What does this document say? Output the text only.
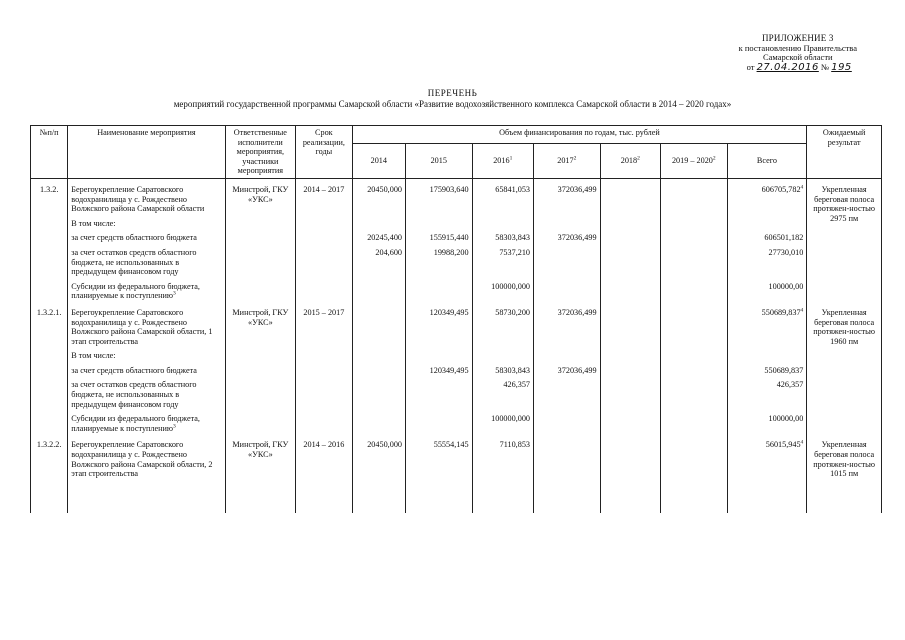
ПРИЛОЖЕНИЕ 3
к постановлению Правительства
Самарской области
от 27.04.2016 № 195
ПЕРЕЧЕНЬ
мероприятий государственной программы Самарской области «Развитие водохозяйственного комплекса Самарской области в 2014 – 2020 годах»
№п/п	Наименование мероприятия	Ответственные исполнители мероприятия, участники мероприятия	Срок реализации, годы	Объем финансирования по годам, тыс. рублей							Ожидаемый результат
				2014	2015	2016$^1$	2017$^2$	2018$^2$	2019 – 2020$^2$	Всего	
1.3.2.	Берегоукрепление Саратовского водохранилища у с. Рождествено Волжского района Самарской области	Минстрой, ГКУ «УКС»	2014 – 2017	20450,000	175903,640	65841,053	372036,499			606705,782$^4$	Укрепленная береговая полоса протяжен-ностью 2975 пм
	В том числе:										
	за счет средств областного бюджета			20245,400	155915,440	58303,843	372036,499			606501,182	
	за счет остатков средств областного бюджета, не использованных в предыдущем финансовом году			204,600	19988,200	7537,210				27730,010	
	Субсидии из федерального бюджета, планируемые к поступлению$^3$					100000,000				100000,00	
1.3.2.1.	Берегоукрепление Саратовского водохранилища у с. Рождествено Волжского района Самарской области, 1 этап строительства	Минстрой, ГКУ «УКС»	2015 – 2017		120349,495	58730,200	372036,499			550689,837$^4$	Укрепленная береговая полоса протяжен-ностью 1960 пм
	В том числе:										
	за счет средств областного бюджета				120349,495	58303,843	372036,499			550689,837	
	за счет остатков средств областного бюджета, не использованных в предыдущем финансовом году					426,357				426,357	
	Субсидии из федерального бюджета, планируемые к поступлению$^3$					100000,000				100000,00	
1.3.2.2.	Берегоукрепление Саратовского водохранилища у с. Рождествено Волжского района Самарской области, 2 этап строительства	Минстрой, ГКУ «УКС»	2014 – 2016	20450,000	55554,145	7110,853				56015,945$^4$	Укрепленная береговая полоса протяжен-ностью 1015 пм
